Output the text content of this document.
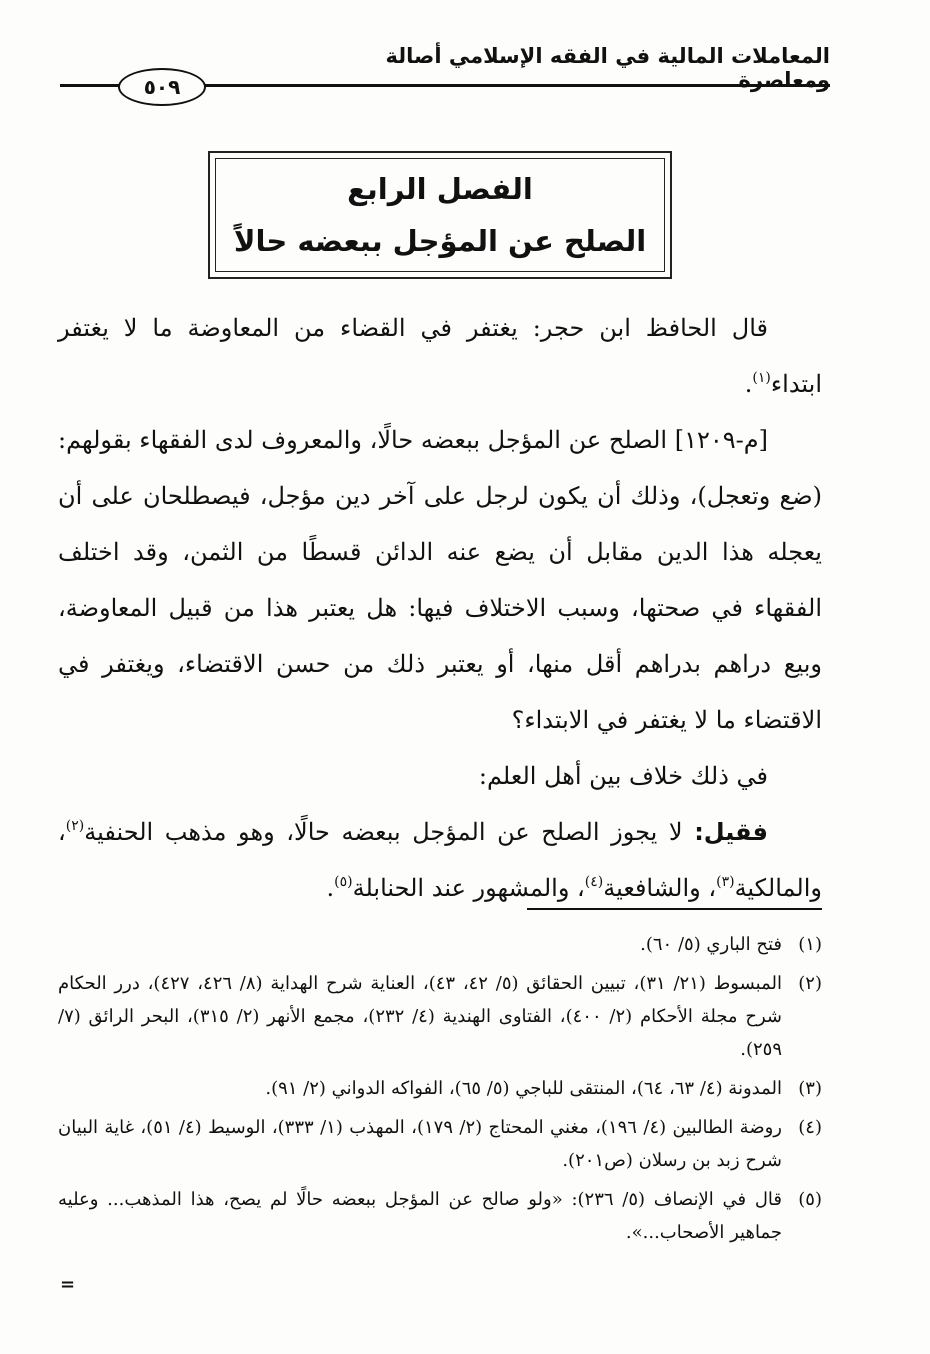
المعاملات المالية في الفقه الإسلامي أصالة ومعاصرة
٥٠٩
الفصل الرابع
الصلح عن المؤجل ببعضه حالاً

قال الحافظ ابن حجر: يغتفر في القضاء من المعاوضة ما لا يغتفر ابتداء$^{(١)}$.

[م-١٢٠٩] الصلح عن المؤجل ببعضه حالًا، والمعروف لدى الفقهاء بقولهم: (ضع وتعجل)، وذلك أن يكون لرجل على آخر دين مؤجل، فيصطلحان على أن يعجله هذا الدين مقابل أن يضع عنه الدائن قسطًا من الثمن، وقد اختلف الفقهاء في صحتها، وسبب الاختلاف فيها: هل يعتبر هذا من قبيل المعاوضة، وبيع دراهم بدراهم أقل منها، أو يعتبر ذلك من حسن الاقتضاء، ويغتفر في الاقتضاء ما لا يغتفر في الابتداء؟

في ذلك خلاف بين أهل العلم:

فقيل: لا يجوز الصلح عن المؤجل ببعضه حالًا، وهو مذهب الحنفية$^{(٢)}$، والمالكية$^{(٣)}$، والشافعية$^{(٤)}$، والمشهور عند الحنابلة$^{(٥)}$.

(١)
فتح الباري (٥/ ٦٠).
(٢)
المبسوط (٢١/ ٣١)، تبيين الحقائق (٥/ ٤٢، ٤٣)، العناية شرح الهداية (٨/ ٤٢٦، ٤٢٧)، درر الحكام شرح مجلة الأحكام (٢/ ٤٠٠)، الفتاوى الهندية (٤/ ٢٣٢)، مجمع الأنهر (٢/ ٣١٥)، البحر الرائق (٧/ ٢٥٩).
(٣)
المدونة (٤/ ٦٣، ٦٤)، المنتقى للباجي (٥/ ٦٥)، الفواكه الدواني (٢/ ٩١).
(٤)
روضة الطالبين (٤/ ١٩٦)، مغني المحتاج (٢/ ١٧٩)، المهذب (١/ ٣٣٣)، الوسيط (٤/ ٥١)، غاية البيان شرح زبد بن رسلان (ص٢٠١).
(٥)
قال في الإنصاف (٥/ ٢٣٦): «ولو صالح عن المؤجل ببعضه حالًا لم يصح، هذا المذهب... وعليه جماهير الأصحاب...».
=
